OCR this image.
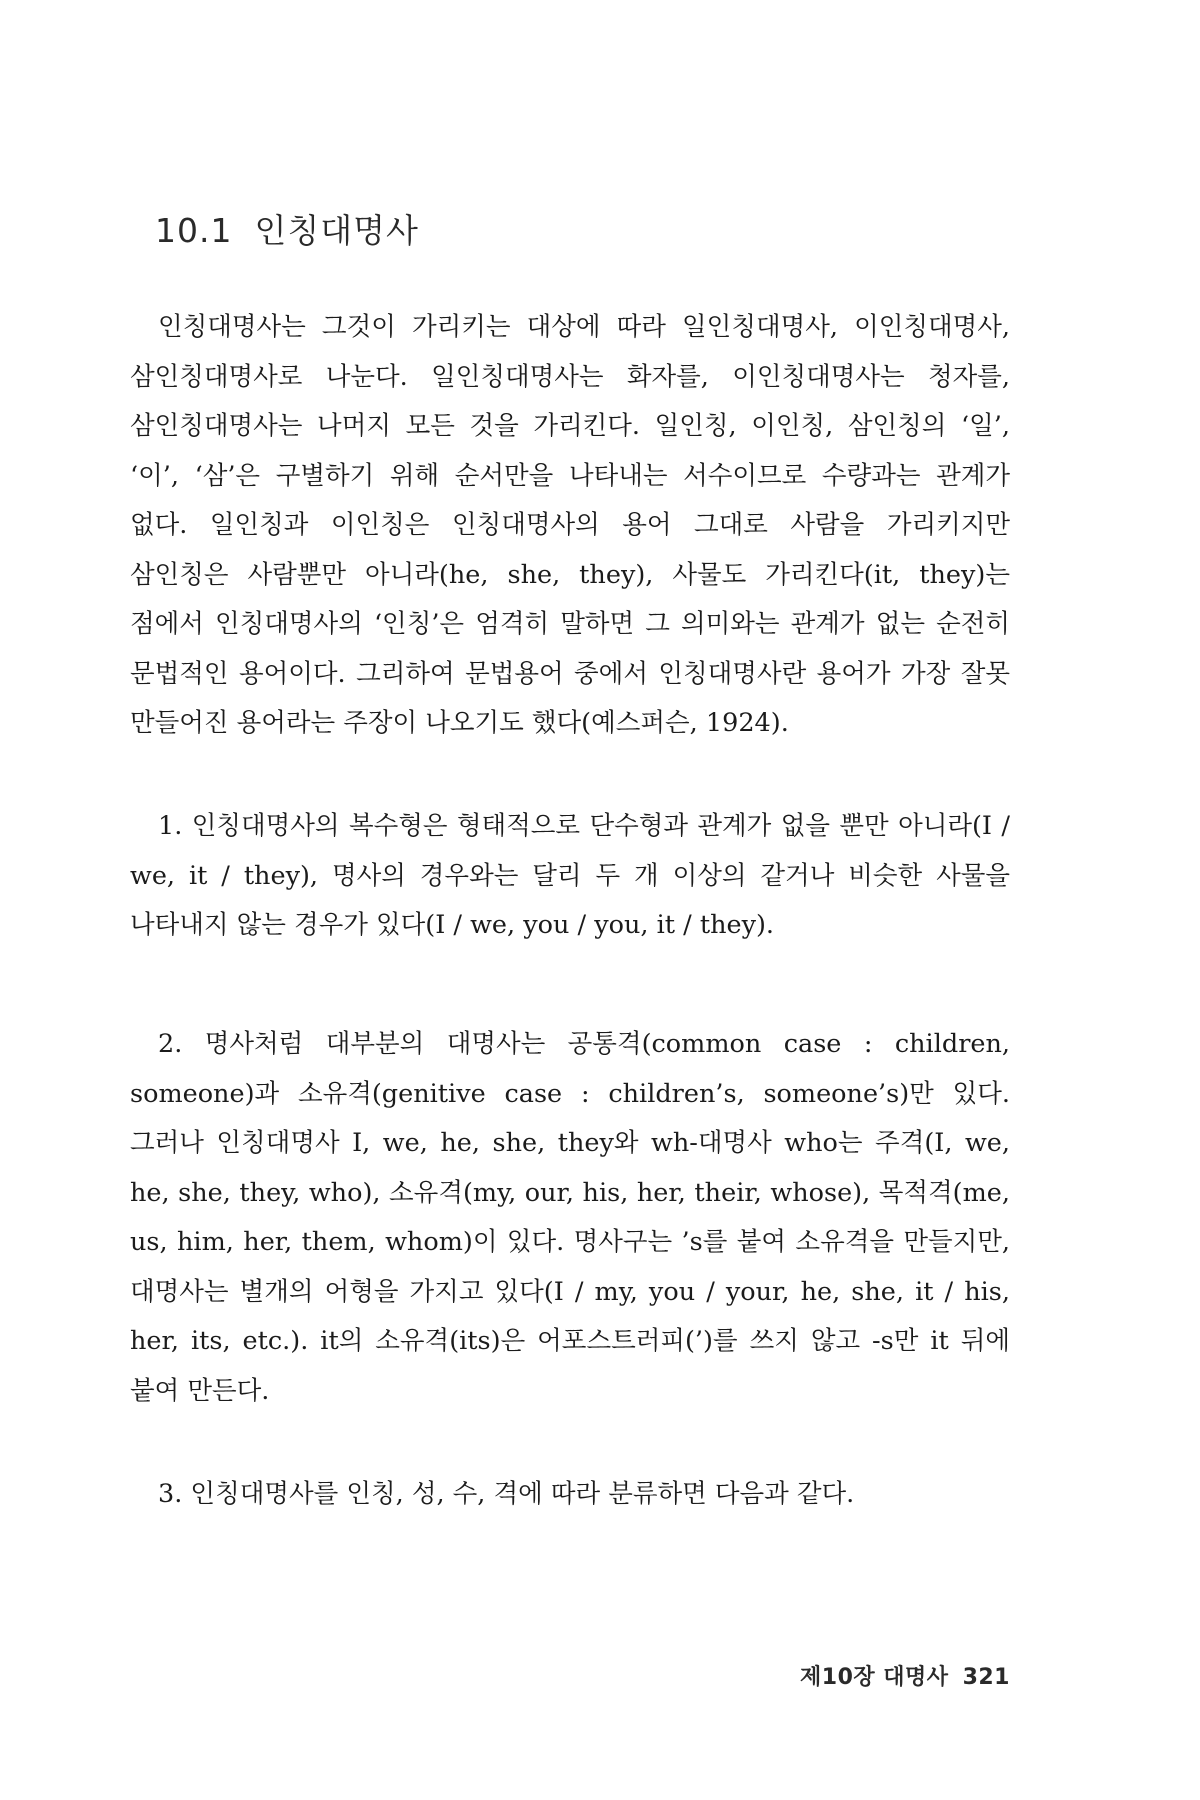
10.1 인칭대명사

인칭대명사는 그것이 가리키는 대상에 따라 일인칭대명사, 이인칭대명사, 삼인칭대명사로 나눈다. 일인칭대명사는 화자를, 이인칭대명사는 청자를, 삼인칭대명사는 나머지 모든 것을 가리킨다. 일인칭, 이인칭, 삼인칭의 ‘일’, ‘이’, ‘삼’은 구별하기 위해 순서만을 나타내는 서수이므로 수량과는 관계가 없다. 일인칭과 이인칭은 인칭대명사의 용어 그대로 사람을 가리키지만 삼인칭은 사람뿐만 아니라(he, she, they), 사물도 가리킨다(it, they)는 점에서 인칭대명사의 ‘인칭’은 엄격히 말하면 그 의미와는 관계가 없는 순전히 문법적인 용어이다. 그리하여 문법용어 중에서 인칭대명사란 용어가 가장 잘못 만들어진 용어라는 주장이 나오기도 했다(예스퍼슨, 1924).

1. 인칭대명사의 복수형은 형태적으로 단수형과 관계가 없을 뿐만 아니라(I / we, it / they), 명사의 경우와는 달리 두 개 이상의 같거나 비슷한 사물을 나타내지 않는 경우가 있다(I / we, you / you, it / they).

2. 명사처럼 대부분의 대명사는 공통격(common case : children, someone)과 소유격(genitive case : children’s, someone’s)만 있다. 그러나 인칭대명사 I, we, he, she, they와 wh-대명사 who는 주격(I, we, he, she, they, who), 소유격(my, our, his, her, their, whose), 목적격(me, us, him, her, them, whom)이 있다. 명사구는 ’s를 붙여 소유격을 만들지만, 대명사는 별개의 어형을 가지고 있다(I / my, you / your, he, she, it / his, her, its, etc.). it의 소유격(its)은 어포스트러피(’)를 쓰지 않고 -s만 it 뒤에 붙여 만든다.

3. 인칭대명사를 인칭, 성, 수, 격에 따라 분류하면 다음과 같다.

제10장 대명사 321
